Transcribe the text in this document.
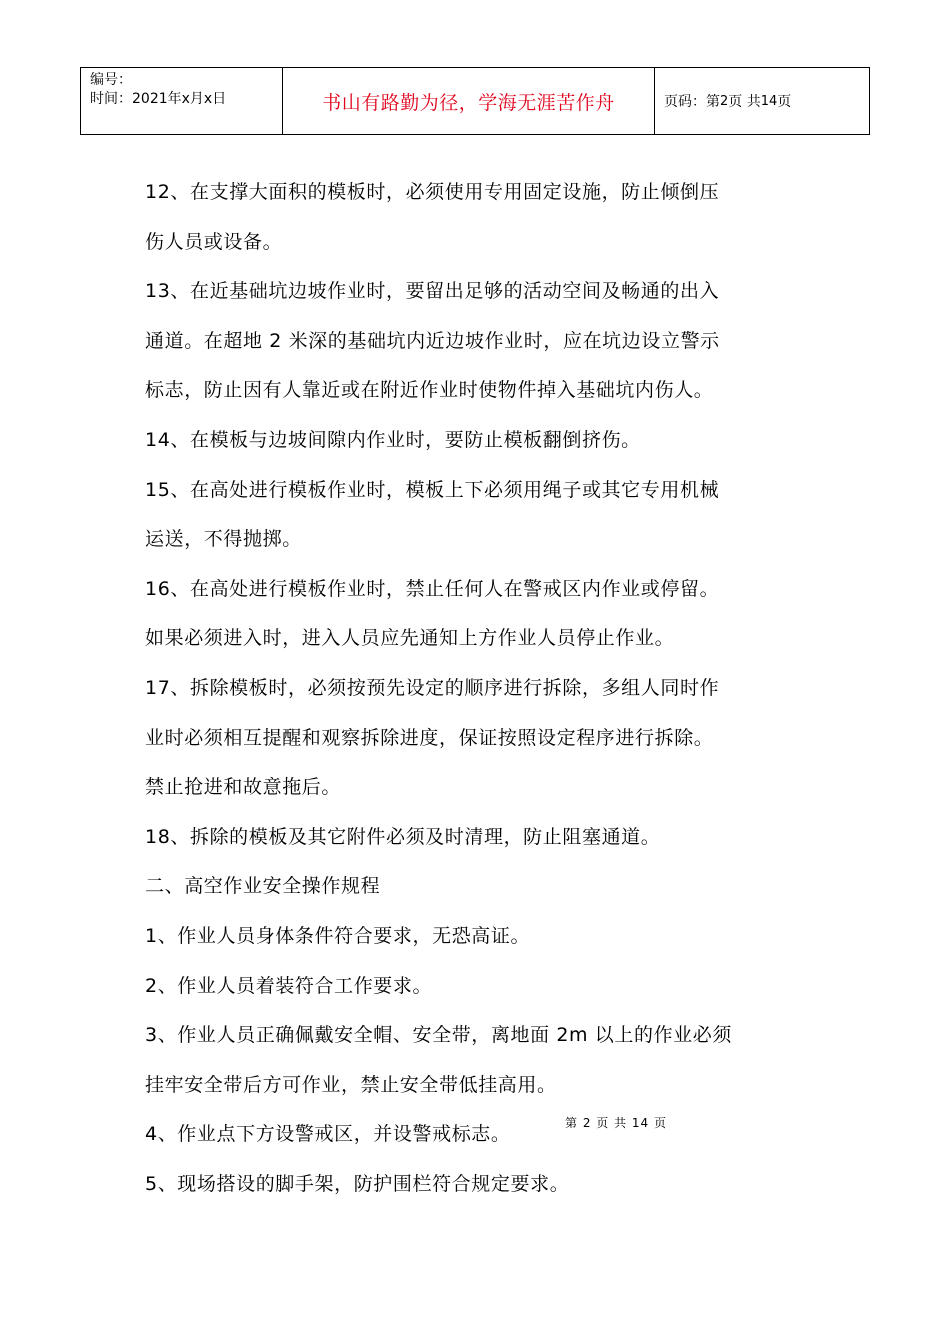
编号：
时间：2021年x月x日	书山有路勤为径，学海无涯苦作舟	页码：第 2 页 共 14 页
12、在支撑大面积的模板时，必须使用专用固定设施，防止倾倒压
伤人员或设备。
13、在近基础坑边坡作业时，要留出足够的活动空间及畅通的出入
通道。在超地 2 米深的基础坑内近边坡作业时，应在坑边设立警示
标志，防止因有人靠近或在附近作业时使物件掉入基础坑内伤人。
14、在模板与边坡间隙内作业时，要防止模板翻倒挤伤。
15、在高处进行模板作业时，模板上下必须用绳子或其它专用机械
运送，不得抛掷。
16、在高处进行模板作业时，禁止任何人在警戒区内作业或停留。
如果必须进入时，进入人员应先通知上方作业人员停止作业。
17、拆除模板时，必须按预先设定的顺序进行拆除，多组人同时作
业时必须相互提醒和观察拆除进度，保证按照设定程序进行拆除。
禁止抢进和故意拖后。
18、拆除的模板及其它附件必须及时清理，防止阻塞通道。
二、高空作业安全操作规程
1、作业人员身体条件符合要求，无恐高证。
2、作业人员着装符合工作要求。
3、作业人员正确佩戴安全帽、安全带，离地面 2m 以上的作业必须
挂牢安全带后方可作业，禁止安全带低挂高用。
4、作业点下方设警戒区，并设警戒标志。
5、现场搭设的脚手架，防护围栏符合规定要求。
第 2 页 共 14 页
